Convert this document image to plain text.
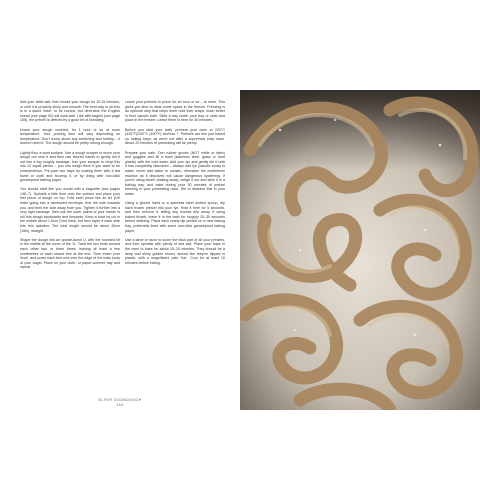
Add your table salt, then knead your dough for 10-15 minutes, or until it is properly shiny and smooth. The best way to do this is in a stand mixer, to be honest, but otherwise the English knead (see page 52) will work well. Like with bagels (see page 166), the pretzel is defined by a good bit of kneading.

Leave your dough covered, for 1 hour or so at room temperature. Your proving time will vary depending on temperature. Don't worry about any stretching and folding – it doesn't need it. The dough should be pretty strong enough.

Lightly flour a work surface. Use a dough scraper to move your dough out onto it and then use floured hands to gently roll it out into a log roughly sausage. Use your scraper to chop this into 12 equal pieces – you can weigh them if you want to be conscientious. Pre-pare two trays by coating them with a tea towel or cloth and flouring it, or by lining with non-stick greaseproof baking paper.

You should start like you would with a baguette (see pages 146–7). Sprinkle a little flour onto the surface and place your first piece of dough on top. Fold each piece like an A4 (US letter going into a windowed envelope, first the side towards you, and then the side away from you. Tighten it further into a very tight sausage, then use the outer palms of your hands to roll this dough backwards and forwards. Keep a bowl by cut in the middle about 1.5cm (¾in) thick, but then taper it each side into thin spindles. The total length should be about 40cm (16in), straight.

Shape the dough into an upside-down U, with the rounded bit in the middle at the curve of the 'U'. Twist the two ends around each other two or three times, leaving at least a few centimetres of each strand free at the end. Then invert your 'knot', and press each free end onto the edge of the main body of your bagel. Place on your cloth- or paper-covered tray and repeat

Leave your pretzels to prove for an hour or so – to more. This gives you time to clear some space in the freezer. Freezing is an optional step that helps them hold their shape much better in their caustic bath. Slide a tray under your tray or cloth and place in the freezer. Leave them in here for 30 minutes.

Before you start your bath, preheat your oven to 220°C (425°F)/200°C (400°F) fan/Gas 7. Pretzels are fine just baked on baking trays, as we're not after a supremely crisp base. About 20 minutes of preheating will be plenty.

Prepare your bath. Don rubber gloves (NOT nitrile or latex) and goggles and fill a bowl (stainless steel, glass or hard plastic) with the cold water. Add your lye and gently stir it until it has completely dissolved – always add lye (caustic soda) to water, never add water to caustic, otherwise the exothermic reaction as it dissolves will cause dangerous spattering. If you're using bicarb (baking soda), weigh it out and stick it in a baking tray, and bake during your 30 minutes of pretzel freezing in your preheating oven. Stir to dissolve this in your water.

Using a gloved hand or a stainless steel slotted spoon, dip each frozen pretzel into your lye. Hold it here for 5 seconds, and then remove it, letting any excess drip away. If using baked bicarb, leave it in the bath for roughly 20–30 seconds before draining. Place each ready-dip pretzel on a new baking tray, preferably lined with some non-stick greaseproof baking paper.

Use a lame or razor to score the thick part of all your pretzels, and then sprinkle with plenty of sea salt. Place your trays in the oven to bake for about 15–20 minutes. They should be a deep and shiny golden brown, almost like they've dipped in plastic, with a magnificent pale 'bar'. Cool for at least 10 minutes before eating.

OLFER DOUBDOUGH
164
